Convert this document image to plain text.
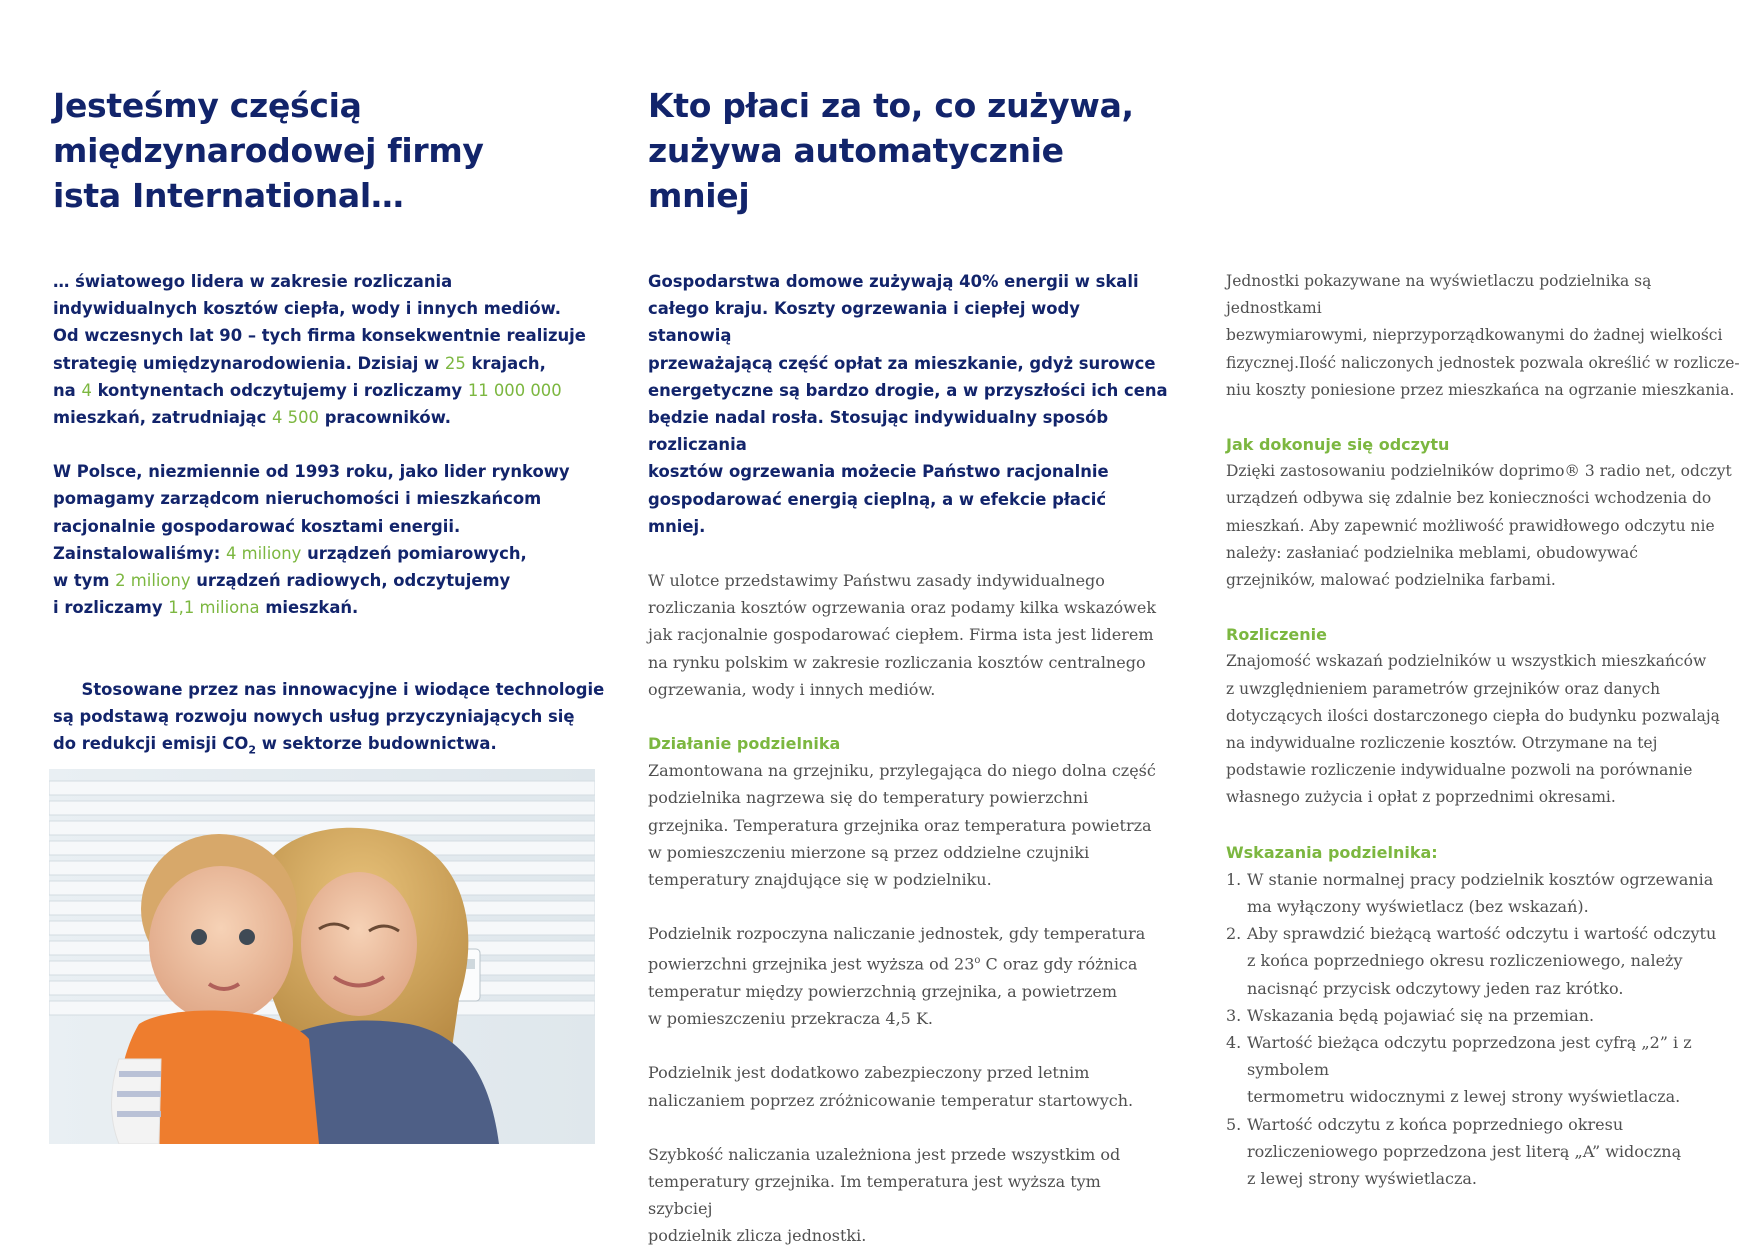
Jesteśmy częścią
międzynarodowej firmy
ista International…

… światowego lidera w zakresie rozliczania
indywidualnych kosztów ciepła, wody i innych mediów.
Od wczesnych lat 90 – tych firma konsekwentnie realizuje
strategię umiędzynarodowienia. Dzisiaj w 25 krajach,
na 4 kontynentach odczytujemy i rozliczamy 11 000 000
mieszkań, zatrudniając 4 500 pracowników.

W Polsce, niezmiennie od 1993 roku, jako lider rynkowy
pomagamy zarządcom nieruchomości i mieszkańcom
racjonalnie gospodarować kosztami energii.
Zainstalowaliśmy: 4 miliony urządzeń pomiarowych,
w tym 2 miliony urządzeń radiowych, odczytujemy
i rozliczamy 1,1 miliona mieszkań.

Stosowane przez nas innowacyjne i wiodące technologie
są podstawą rozwoju nowych usług przyczyniających się
do redukcji emisji $CO_2$ w sektorze budownictwa.

Kto płaci za to, co zużywa,
zużywa automatycznie mniej
Gospodarstwa domowe zużywają 40% energii w skali
całego kraju. Koszty ogrzewania i ciepłej wody stanowią
przeważającą część opłat za mieszkanie, gdyż surowce
energetyczne są bardzo drogie, a w przyszłości ich cena
będzie nadal rosła. Stosując indywidualny sposób rozliczania
kosztów ogrzewania możecie Państwo racjonalnie
gospodarować energią cieplną, a w efekcie płacić mniej.
W ulotce przedstawimy Państwu zasady indywidualnego
rozliczania kosztów ogrzewania oraz podamy kilka wskazówek
jak racjonalnie gospodarować ciepłem. Firma ista jest liderem
na rynku polskim w zakresie rozliczania kosztów centralnego
ogrzewania, wody i innych mediów.
Działanie podzielnika
Zamontowana na grzejniku, przylegająca do niego dolna część
podzielnika nagrzewa się do temperatury powierzchni
grzejnika. Temperatura grzejnika oraz temperatura powietrza
w pomieszczeniu mierzone są przez oddzielne czujniki
temperatury znajdujące się w podzielniku.
Podzielnik rozpoczyna naliczanie jednostek, gdy temperatura
powierzchni grzejnika jest wyższa od 23$^o$ C oraz gdy różnica
temperatur między powierzchnią grzejnika, a powietrzem
w pomieszczeniu przekracza 4,5 K.
Podzielnik jest dodatkowo zabezpieczony przed letnim
naliczaniem poprzez zróżnicowanie temperatur startowych.
Szybkość naliczania uzależniona jest przede wszystkim od
temperatury grzejnika. Im temperatura jest wyższa tym szybciej
podzielnik zlicza jednostki.
Jednostki pokazywane na wyświetlaczu podzielnika są jednostkami
bezwymiarowymi, nieprzyporządkowanymi do żadnej wielkości
fizycznej.Ilość naliczonych jednostek pozwala określić w rozlicze-
niu koszty poniesione przez mieszkańca na ogrzanie mieszkania.
Jak dokonuje się odczytu
Dzięki zastosowaniu podzielników doprimo® 3 radio net, odczyt
urządzeń odbywa się zdalnie bez konieczności wchodzenia do
mieszkań. Aby zapewnić możliwość prawidłowego odczytu nie
należy: zasłaniać podzielnika meblami, obudowywać
grzejników, malować podzielnika farbami.
Rozliczenie
Znajomość wskazań podzielników u wszystkich mieszkańców
z uwzględnieniem parametrów grzejników oraz danych
dotyczących ilości dostarczonego ciepła do budynku pozwalają
na indywidualne rozliczenie kosztów. Otrzymane na tej
podstawie rozliczenie indywidualne pozwoli na porównanie
własnego zużycia i opłat z poprzednimi okresami.
Wskazania podzielnika:
1. W stanie normalnej pracy podzielnik kosztów ogrzewania
ma wyłączony wyświetlacz (bez wskazań).
2. Aby sprawdzić bieżącą wartość odczytu i wartość odczytu
z końca poprzedniego okresu rozliczeniowego, należy
nacisnąć przycisk odczytowy jeden raz krótko.
3. Wskazania będą pojawiać się na przemian.
4. Wartość bieżąca odczytu poprzedzona jest cyfrą „2” i z symbolem
termometru widocznymi z lewej strony wyświetlacza.
5. Wartość odczytu z końca poprzedniego okresu
rozliczeniowego poprzedzona jest literą „A” widoczną
z lewej strony wyświetlacza.
